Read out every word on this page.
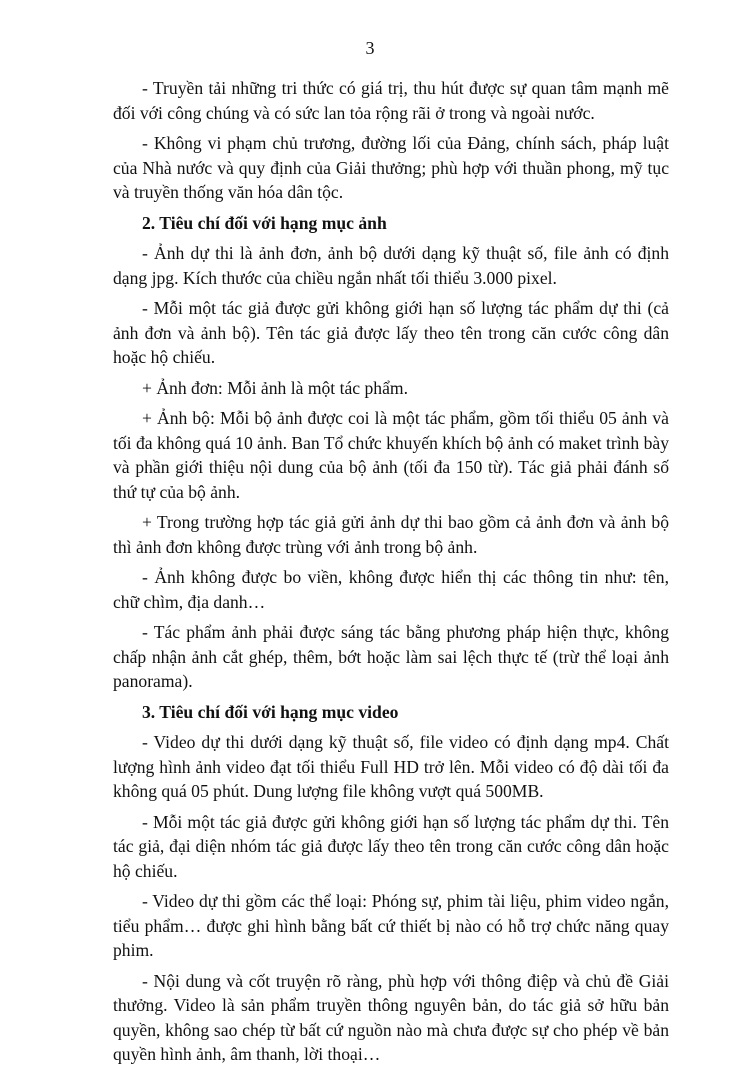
3

- Truyền tải những tri thức có giá trị, thu hút được sự quan tâm mạnh mẽ đối với công chúng và có sức lan tỏa rộng rãi ở trong và ngoài nước.

- Không vi phạm chủ trương, đường lối của Đảng, chính sách, pháp luật của Nhà nước và quy định của Giải thưởng; phù hợp với thuần phong, mỹ tục và truyền thống văn hóa dân tộc.

2. Tiêu chí đối với hạng mục ảnh

- Ảnh dự thi là ảnh đơn, ảnh bộ dưới dạng kỹ thuật số, file ảnh có định dạng jpg. Kích thước của chiều ngắn nhất tối thiểu 3.000 pixel.

- Mỗi một tác giả được gửi không giới hạn số lượng tác phẩm dự thi (cả ảnh đơn và ảnh bộ). Tên tác giả được lấy theo tên trong căn cước công dân hoặc hộ chiếu.

+ Ảnh đơn: Mỗi ảnh là một tác phẩm.

+ Ảnh bộ: Mỗi bộ ảnh được coi là một tác phẩm, gồm tối thiểu 05 ảnh và tối đa không quá 10 ảnh. Ban Tổ chức khuyến khích bộ ảnh có maket trình bày và phần giới thiệu nội dung của bộ ảnh (tối đa 150 từ). Tác giả phải đánh số thứ tự của bộ ảnh.

+ Trong trường hợp tác giả gửi ảnh dự thi bao gồm cả ảnh đơn và ảnh bộ thì ảnh đơn không được trùng với ảnh trong bộ ảnh.

- Ảnh không được bo viền, không được hiển thị các thông tin như: tên, chữ chìm, địa danh…

- Tác phẩm ảnh phải được sáng tác bằng phương pháp hiện thực, không chấp nhận ảnh cắt ghép, thêm, bớt hoặc làm sai lệch thực tế (trừ thể loại ảnh panorama).

3. Tiêu chí đối với hạng mục video

- Video dự thi dưới dạng kỹ thuật số, file video có định dạng mp4. Chất lượng hình ảnh video đạt tối thiểu Full HD trở lên. Mỗi video có độ dài tối đa không quá 05 phút. Dung lượng file không vượt quá 500MB.

- Mỗi một tác giả được gửi không giới hạn số lượng tác phẩm dự thi. Tên tác giả, đại diện nhóm tác giả được lấy theo tên trong căn cước công dân hoặc hộ chiếu.

- Video dự thi gồm các thể loại: Phóng sự, phim tài liệu, phim video ngắn, tiểu phẩm… được ghi hình bằng bất cứ thiết bị nào có hỗ trợ chức năng quay phim.

- Nội dung và cốt truyện rõ ràng, phù hợp với thông điệp và chủ đề Giải thưởng. Video là sản phẩm truyền thông nguyên bản, do tác giả sở hữu bản quyền, không sao chép từ bất cứ nguồn nào mà chưa được sự cho phép về bản quyền hình ảnh, âm thanh, lời thoại…
